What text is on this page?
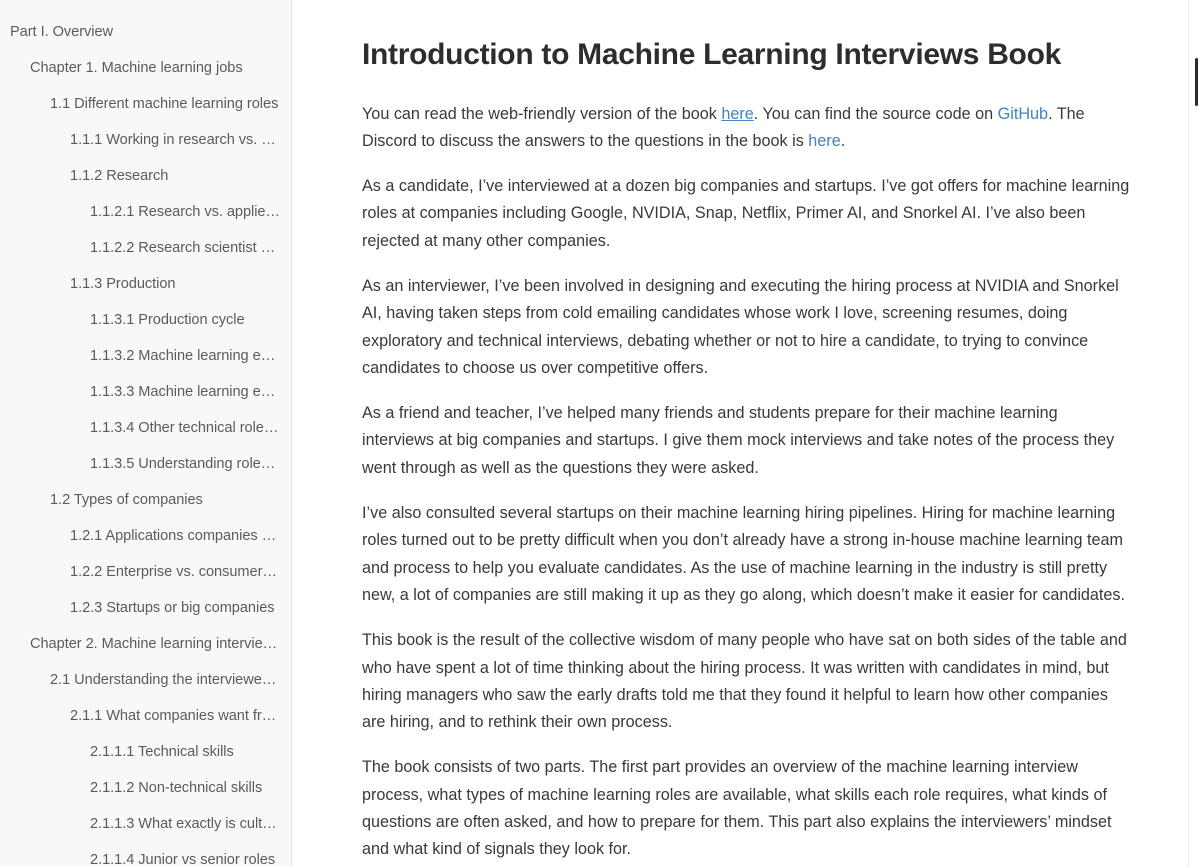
Part I. Overview
Chapter 1. Machine learning jobs
1.1 Different machine learning roles
1.1.1 Working in research vs. …
1.1.2 Research
1.1.2.1 Research vs. applie…
1.1.2.2 Research scientist …
1.1.3 Production
1.1.3.1 Production cycle
1.1.3.2 Machine learning e…
1.1.3.3 Machine learning e…
1.1.3.4 Other technical role…
1.1.3.5 Understanding role…
1.2 Types of companies
1.2.1 Applications companies …
1.2.2 Enterprise vs. consumer…
1.2.3 Startups or big companies
Chapter 2. Machine learning intervie…
2.1 Understanding the interviewe…
2.1.1 What companies want fr…
2.1.1.1 Technical skills
2.1.1.2 Non-technical skills
2.1.1.3 What exactly is cult…
2.1.1.4 Junior vs senior roles
Introduction to Machine Learning Interviews Book

You can read the web-friendly version of the book here. You can find the source code on GitHub. The Discord to discuss the answers to the questions in the book is here.

As a candidate, I’ve interviewed at a dozen big companies and startups. I’ve got offers for machine learning roles at companies including Google, NVIDIA, Snap, Netflix, Primer AI, and Snorkel AI. I’ve also been rejected at many other companies.

As an interviewer, I’ve been involved in designing and executing the hiring process at NVIDIA and Snorkel AI, having taken steps from cold emailing candidates whose work I love, screening resumes, doing exploratory and technical interviews, debating whether or not to hire a candidate, to trying to convince candidates to choose us over competitive offers.

As a friend and teacher, I’ve helped many friends and students prepare for their machine learning interviews at big companies and startups. I give them mock interviews and take notes of the process they went through as well as the questions they were asked.

I’ve also consulted several startups on their machine learning hiring pipelines. Hiring for machine learning roles turned out to be pretty difficult when you don’t already have a strong in-house machine learning team and process to help you evaluate candidates. As the use of machine learning in the industry is still pretty new, a lot of companies are still making it up as they go along, which doesn’t make it easier for candidates.

This book is the result of the collective wisdom of many people who have sat on both sides of the table and who have spent a lot of time thinking about the hiring process. It was written with candidates in mind, but hiring managers who saw the early drafts told me that they found it helpful to learn how other companies are hiring, and to rethink their own process.

The book consists of two parts. The first part provides an overview of the machine learning interview process, what types of machine learning roles are available, what skills each role requires, what kinds of questions are often asked, and how to prepare for them. This part also explains the interviewers’ mindset and what kind of signals they look for.
